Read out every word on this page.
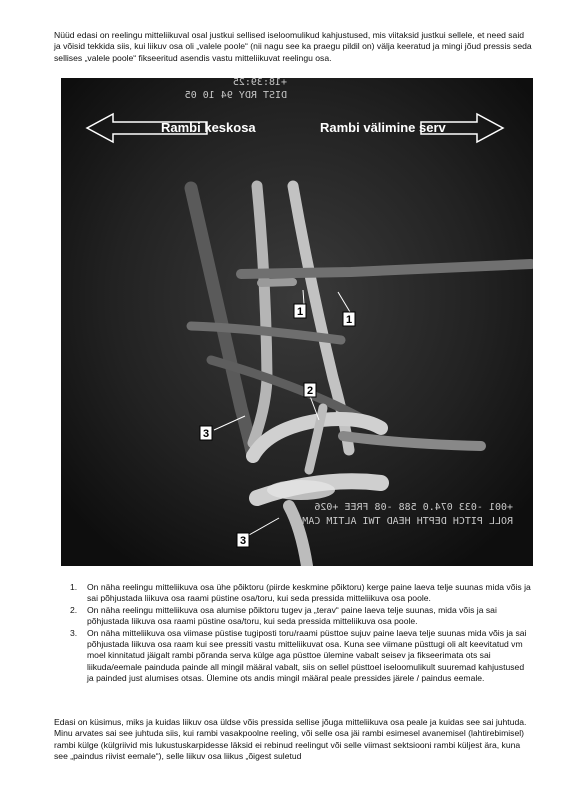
Nüüd edasi on reelingu mitteliikuval osal justkui sellised iseloomulikud kahjustused, mis viitaksid justkui sellele, et need said ja võisid tekkida siis, kui liikuv osa oli „valele poole“ (nii nagu see ka praegu pildil on) välja keeratud ja mingi jõud pressis seda sellises „valele poole“ fikseeritud asendis vastu mitteliikuvat reelingu osa.

Rambi keskosa	Rambi välimine serv
+18:39:25
DIST RDY 94 10 05
+001 -033 074.0 588 -08 FREE +026
ROLL PITCH DEPTH HEAD TWI ALTIM CAM
1
1
2
3
3
1. On näha reelingu mitteliikuva osa ühe põiktoru (piirde keskmine põiktoru) kerge paine laeva telje suunas mida võis ja sai põhjustada liikuva osa raami püstine osa/toru, kui seda pressida mitteliikuva osa poole.
2. On näha reelingu mitteliikuva osa alumise põiktoru tugev ja „terav“ paine laeva telje suunas, mida võis ja sai põhjustada liikuva osa raami püstine osa/toru, kui seda pressida mitteliikuva osa poole.
3. On näha mitteliikuva osa viimase püstise tugiposti toru/raami püsttoe sujuv paine laeva telje suunas mida võis ja sai põhjustada liikuva osa raam kui see pressiti vastu mitteliikuvat osa. Kuna see viimane püsttugi oli alt keevitatud vm moel kinnitatud jäigalt rambi põranda serva külge aga püsttoe ülemine vabalt seisev ja fikseerimata ots sai liikuda/eemale painduda painde all mingil määral vabalt, siis on sellel püsttoel iseloomulikult suuremad kahjustused ja painded just alumises otsas. Ülemine ots andis mingil määral peale pressides järele / paindus eemale.

Edasi on küsimus, miks ja kuidas liikuv osa üldse võis pressida sellise jõuga mitteliikuva osa peale ja kuidas see sai juhtuda. Minu arvates sai see juhtuda siis, kui rambi vasakpoolne reeling, või selle osa jäi rambi esimesel avanemisel (lahtirebimisel) rambi külge (külgriivid mis lukustuskarpidesse läksid ei rebinud reelingut või selle viimast sektsiooni rambi küljest ära, kuna see „paindus riivist eemale“), selle liikuv osa liikus „õigest suletud
